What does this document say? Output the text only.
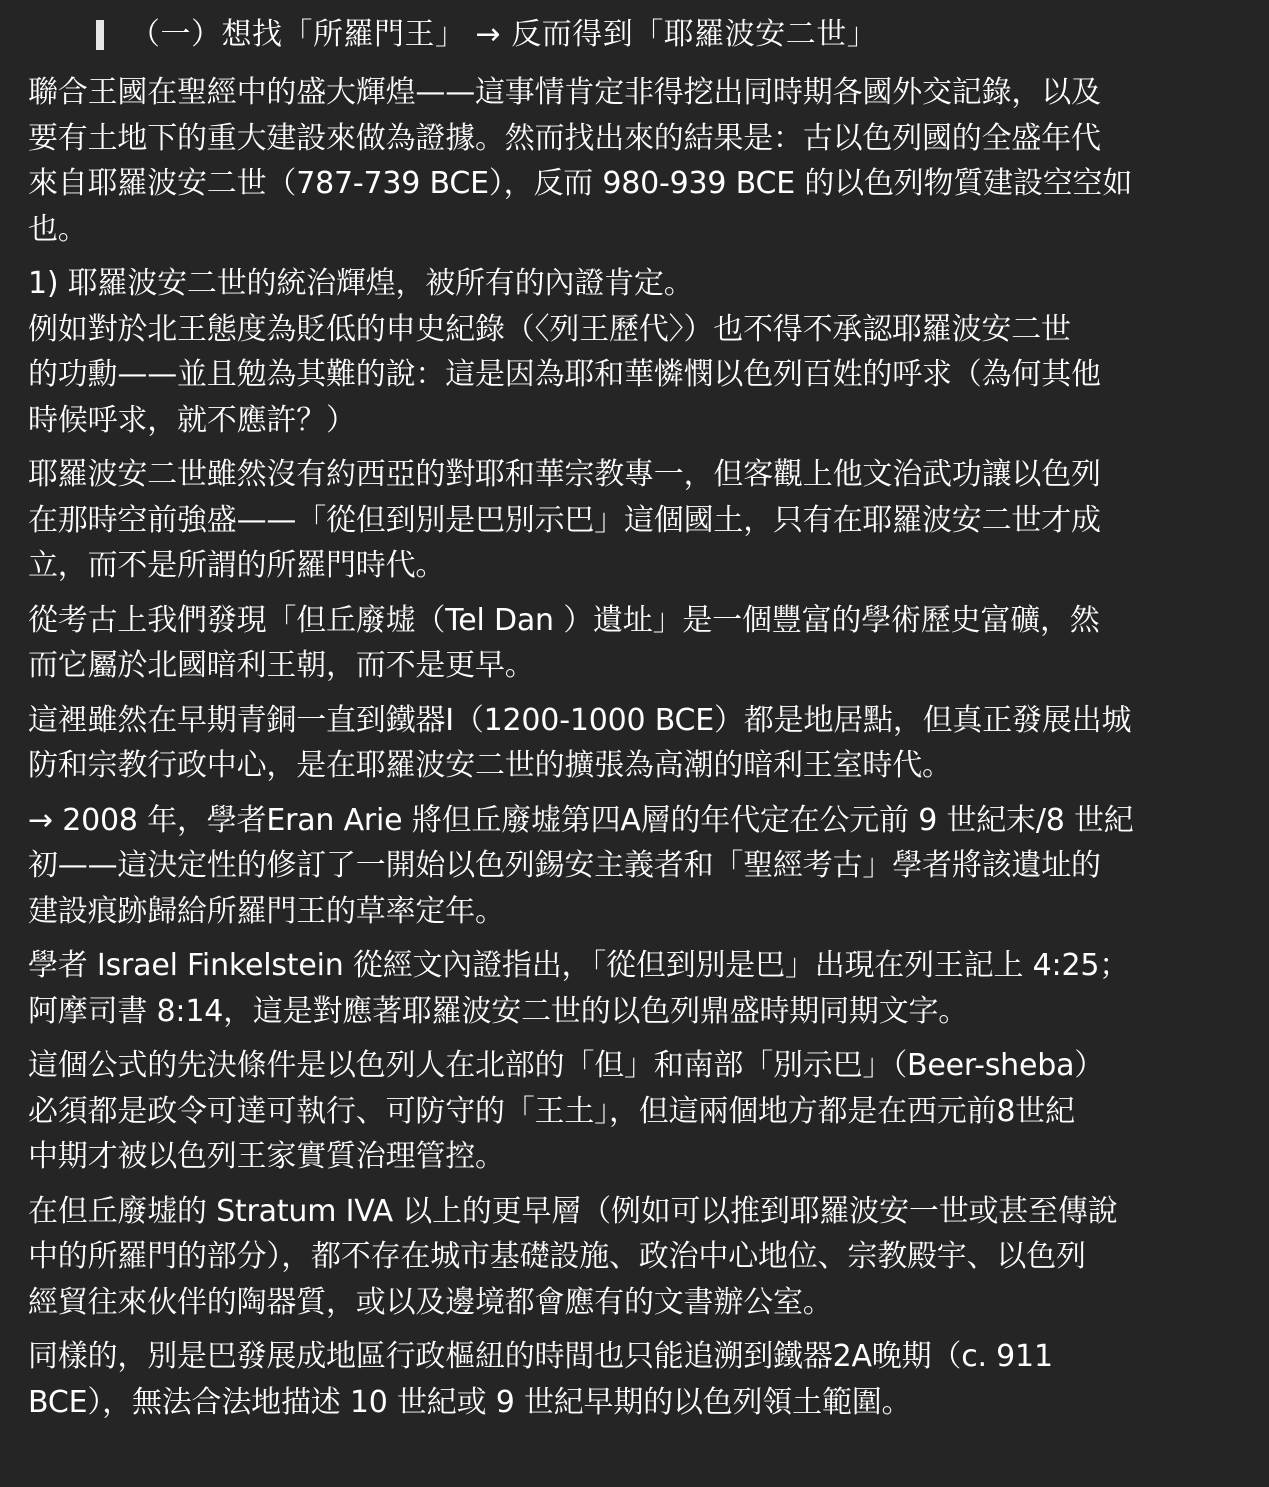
（一）想找「所羅門王」 → 反而得到「耶羅波安二世」
聯合王國在聖經中的盛大輝煌——這事情肯定非得挖出同時期各國外交記錄，以及
要有土地下的重大建設來做為證據。然而找出來的結果是：古以色列國的全盛年代
來自耶羅波安二世（787-739 BCE），反而 980-939 BCE 的以色列物質建設空空如
也。
1) 耶羅波安二世的統治輝煌，被所有的內證肯定。
例如對於北王態度為貶低的申史紀錄（〈列王歷代〉）也不得不承認耶羅波安二世
的功勳——並且勉為其難的說：這是因為耶和華憐憫以色列百姓的呼求（為何其他
時候呼求，就不應許？）
耶羅波安二世雖然沒有約西亞的對耶和華宗教專一，但客觀上他文治武功讓以色列
在那時空前強盛——「從但到別是巴別示巴」這個國土，只有在耶羅波安二世才成
立，而不是所謂的所羅門時代。
從考古上我們發現「但丘廢墟（Tel Dan ）遺址」是一個豐富的學術歷史富礦，然
而它屬於北國暗利王朝，而不是更早。
這裡雖然在早期青銅一直到鐵器I（1200-1000 BCE）都是地居點，但真正發展出城
防和宗教行政中心，是在耶羅波安二世的擴張為高潮的暗利王室時代。
→ 2008 年，學者Eran Arie 將但丘廢墟第四A層的年代定在公元前 9 世紀末/8 世紀
初——這決定性的修訂了一開始以色列錫安主義者和「聖經考古」學者將該遺址的
建設痕跡歸給所羅門王的草率定年。
學者 Israel Finkelstein 從經文內證指出，「從但到別是巴」出現在列王記上 4:25；
阿摩司書 8:14，這是對應著耶羅波安二世的以色列鼎盛時期同期文字。
這個公式的先決條件是以色列人在北部的「但」和南部「別示巴」（Beer-sheba）
必須都是政令可達可執行、可防守的「王土」，但這兩個地方都是在西元前8世紀
中期才被以色列王家實質治理管控。
在但丘廢墟的 Stratum IVA 以上的更早層（例如可以推到耶羅波安一世或甚至傳說
中的所羅門的部分），都不存在城市基礎設施、政治中心地位、宗教殿宇、以色列
經貿往來伙伴的陶器質，或以及邊境都會應有的文書辦公室。
同樣的，別是巴發展成地區行政樞紐的時間也只能追溯到鐵器2A晚期（c. 911
BCE），無法合法地描述 10 世紀或 9 世紀早期的以色列領土範圍。
